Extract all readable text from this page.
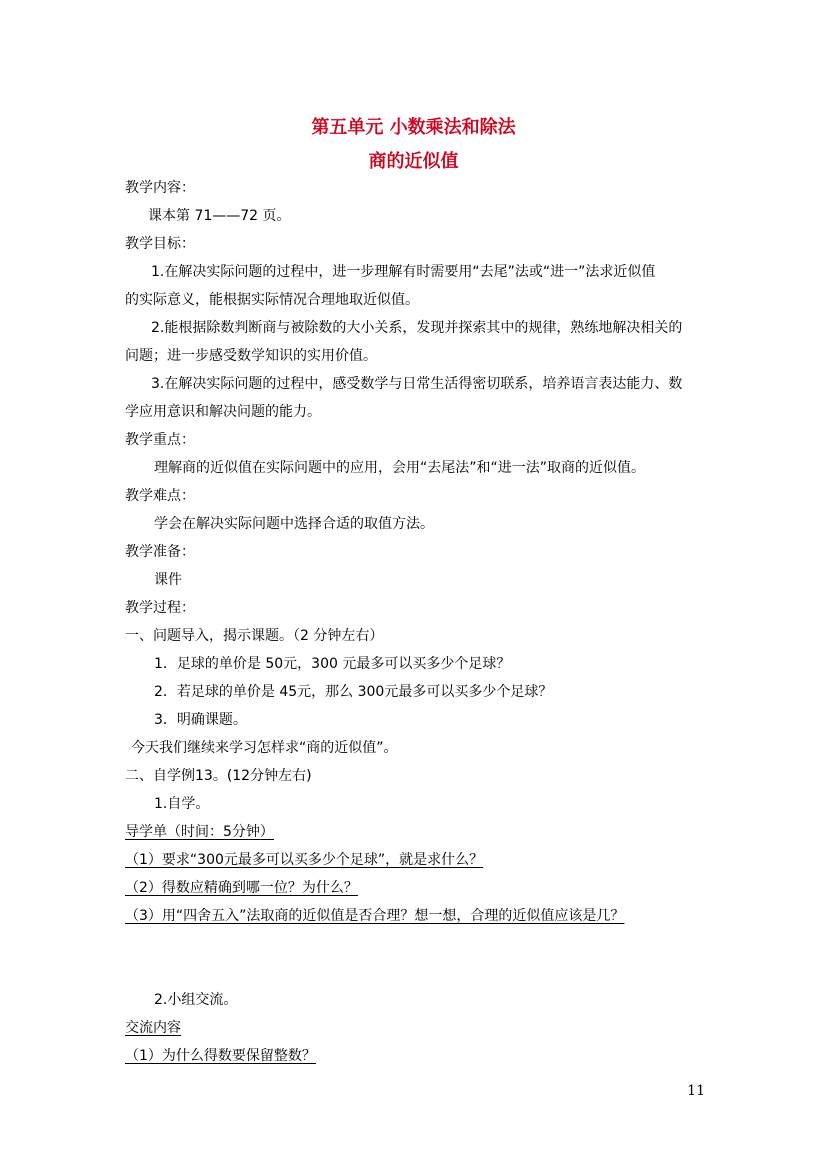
第五单元 小数乘法和除法
商的近似值
教学内容：
课本第 71——72 页。
教学目标：
1.在解决实际问题的过程中，进一步理解有时需要用“去尾”法或“进一”法求近似值
的实际意义，能根据实际情况合理地取近似值。
2.能根据除数判断商与被除数的大小关系，发现并探索其中的规律，熟练地解决相关的
问题；进一步感受数学知识的实用价值。
3.在解决实际问题的过程中，感受数学与日常生活得密切联系，培养语言表达能力、数
学应用意识和解决问题的能力。
教学重点：
理解商的近似值在实际问题中的应用，会用“去尾法”和“进一法”取商的近似值。
教学难点：
学会在解决实际问题中选择合适的取值方法。
教学准备：
课件
教学过程：
一、问题导入，揭示课题。（2 分钟左右）
1．足球的单价是 50元，300 元最多可以买多少个足球？
2．若足球的单价是 45元，那么 300元最多可以买多少个足球？
3．明确课题。
今天我们继续来学习怎样求“商的近似值”。
二、自学例13。(12分钟左右)
1.自学。
导学单（时间：5分钟）
（1）要求“300元最多可以买多少个足球”，就是求什么？
（2）得数应精确到哪一位？为什么？
（3）用“四舍五入”法取商的近似值是否合理？想一想，合理的近似值应该是几？
2.小组交流。
交流内容
（1）为什么得数要保留整数？
11
